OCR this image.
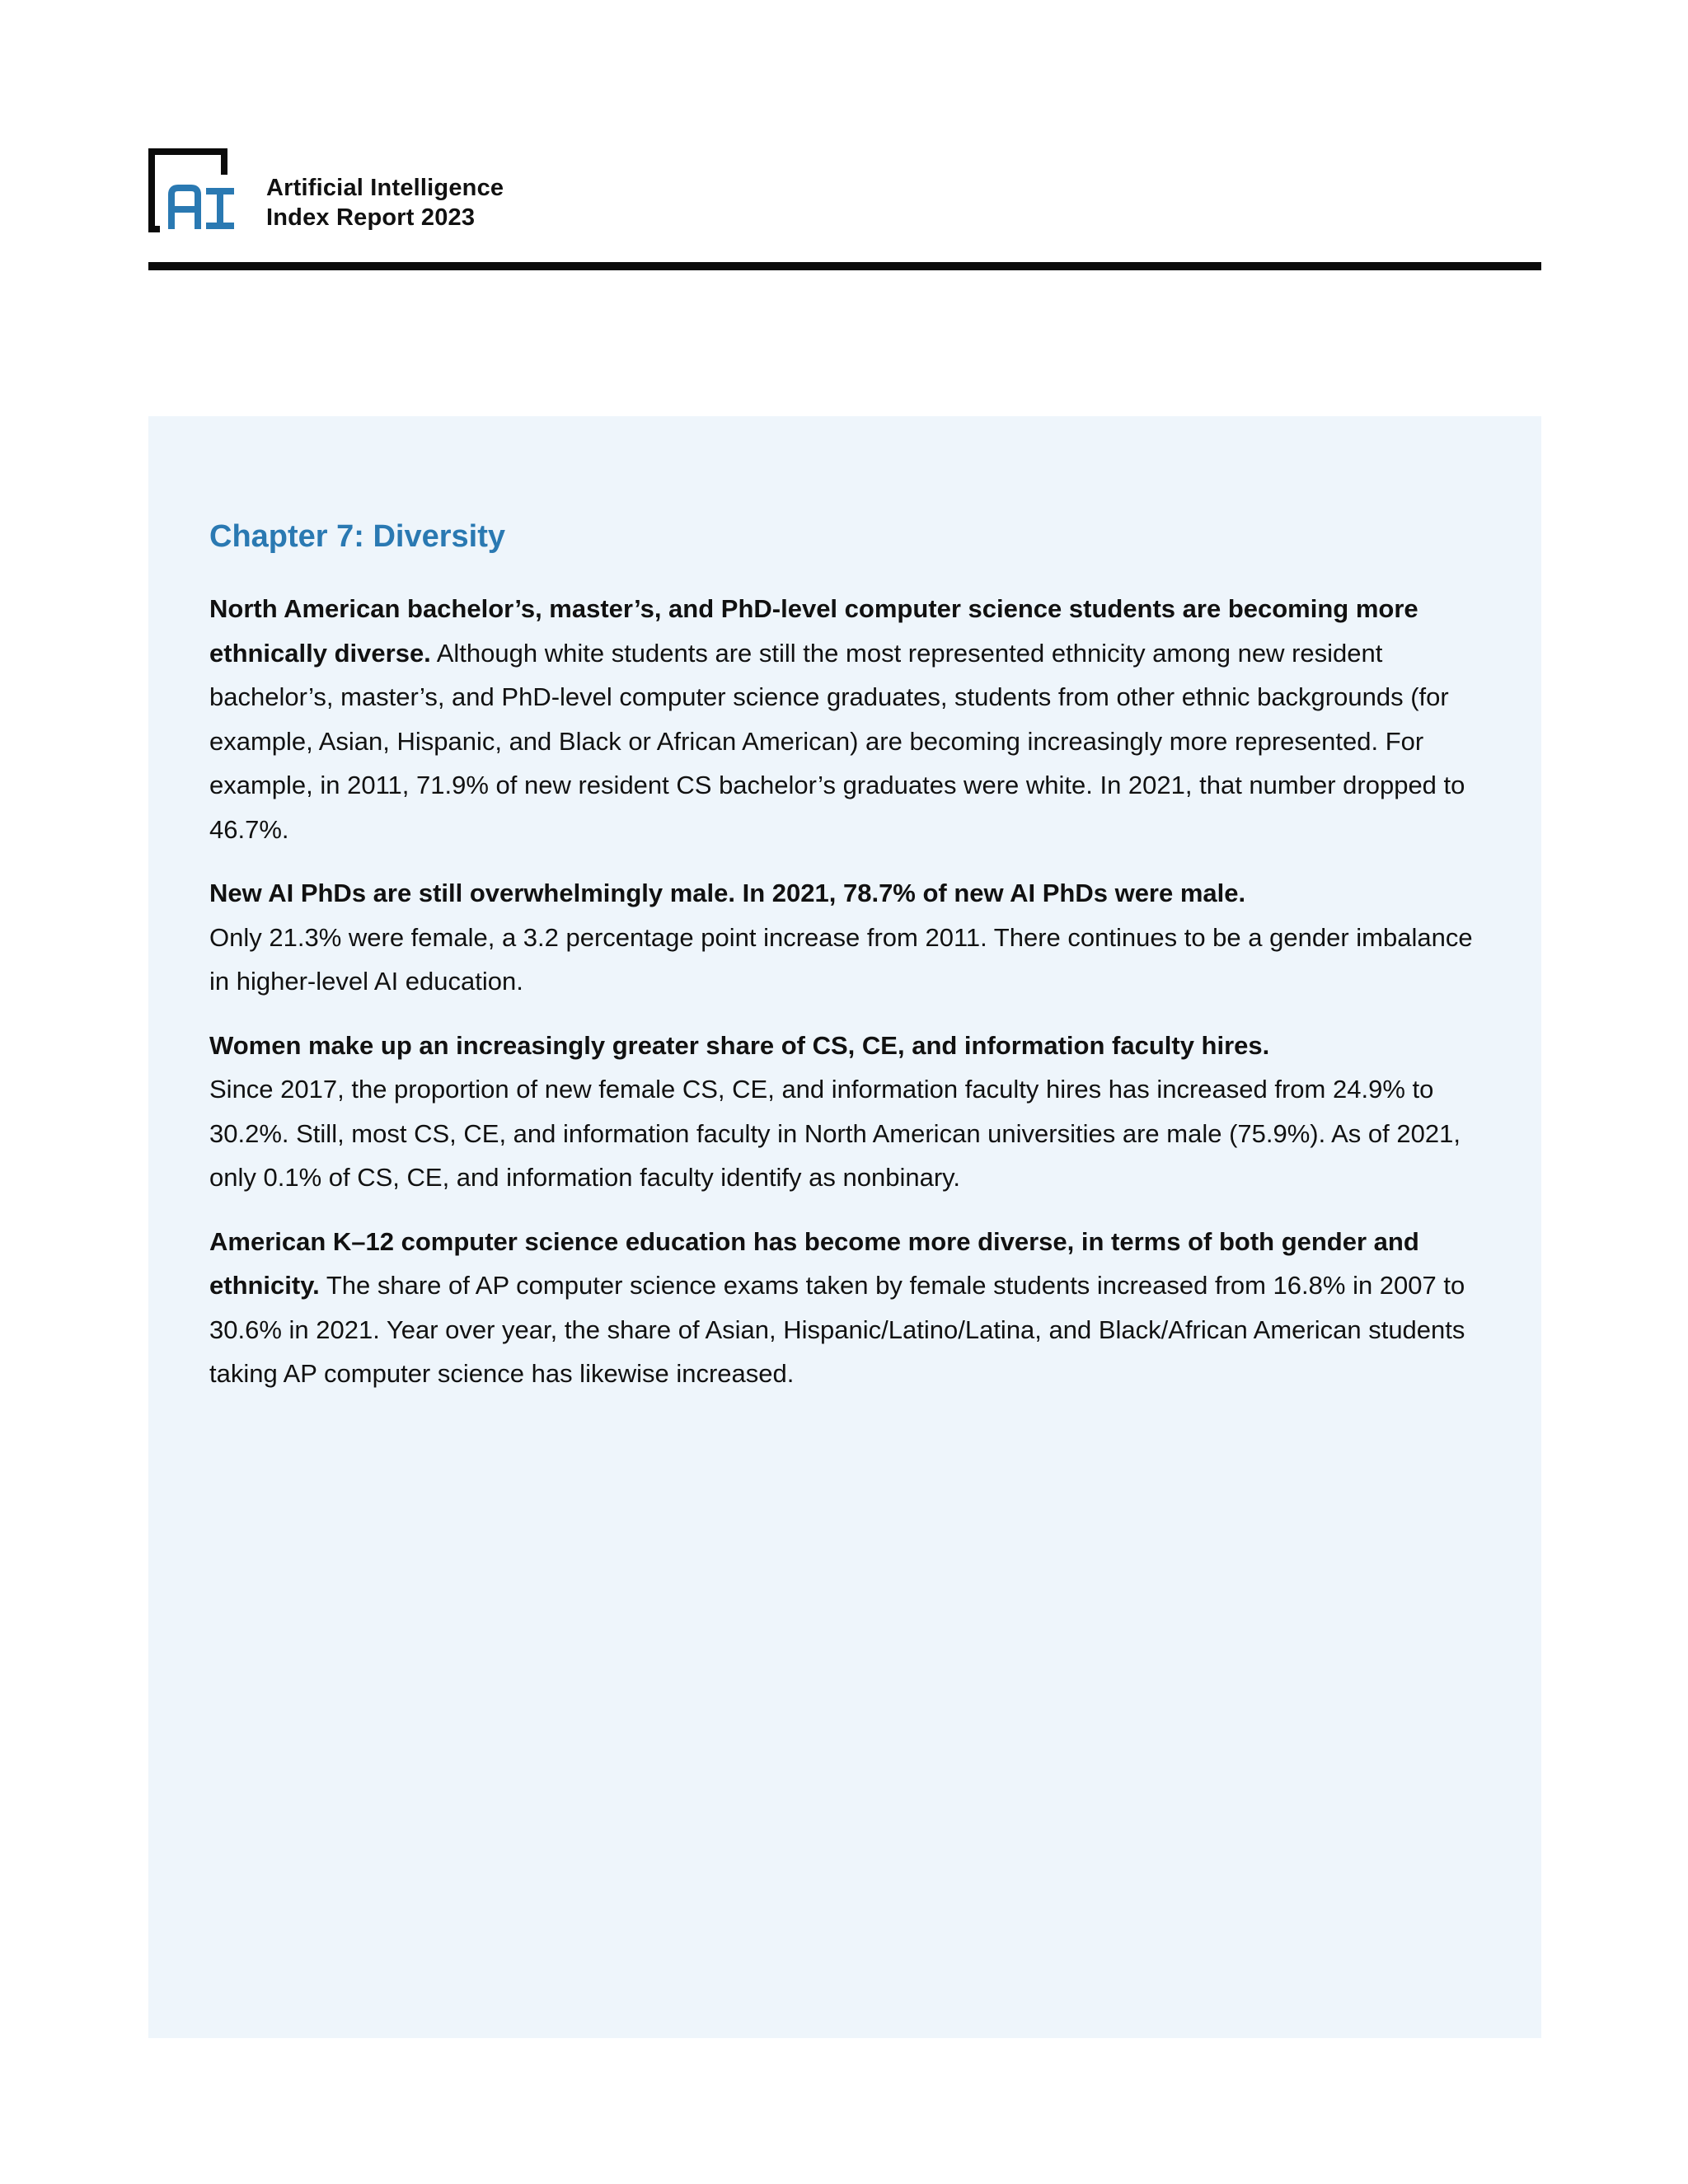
Artificial Intelligence
Index Report 2023
Chapter 7: Diversity

North American bachelor’s, master’s, and PhD-level computer science students are becoming more ethnically diverse. Although white students are still the most represented ethnicity among new resident bachelor’s, master’s, and PhD-level computer science graduates, students from other ethnic backgrounds (for example, Asian, Hispanic, and Black or African American) are becoming increasingly more represented. For example, in 2011, 71.9% of new resident CS bachelor’s graduates were white. In 2021, that number dropped to 46.7%.

New AI PhDs are still overwhelmingly male. In 2021, 78.7% of new AI PhDs were male.
Only 21.3% were female, a 3.2 percentage point increase from 2011. There continues to be a gender imbalance in higher-level AI education.

Women make up an increasingly greater share of CS, CE, and information faculty hires.
Since 2017, the proportion of new female CS, CE, and information faculty hires has increased from 24.9% to 30.2%. Still, most CS, CE, and information faculty in North American universities are male (75.9%). As of 2021, only 0.1% of CS, CE, and information faculty identify as nonbinary.

American K–12 computer science education has become more diverse, in terms of both gender and ethnicity. The share of AP computer science exams taken by female students increased from 16.8% in 2007 to 30.6% in 2021. Year over year, the share of Asian, Hispanic/Latino/Latina, and Black/African American students taking AP computer science has likewise increased.
